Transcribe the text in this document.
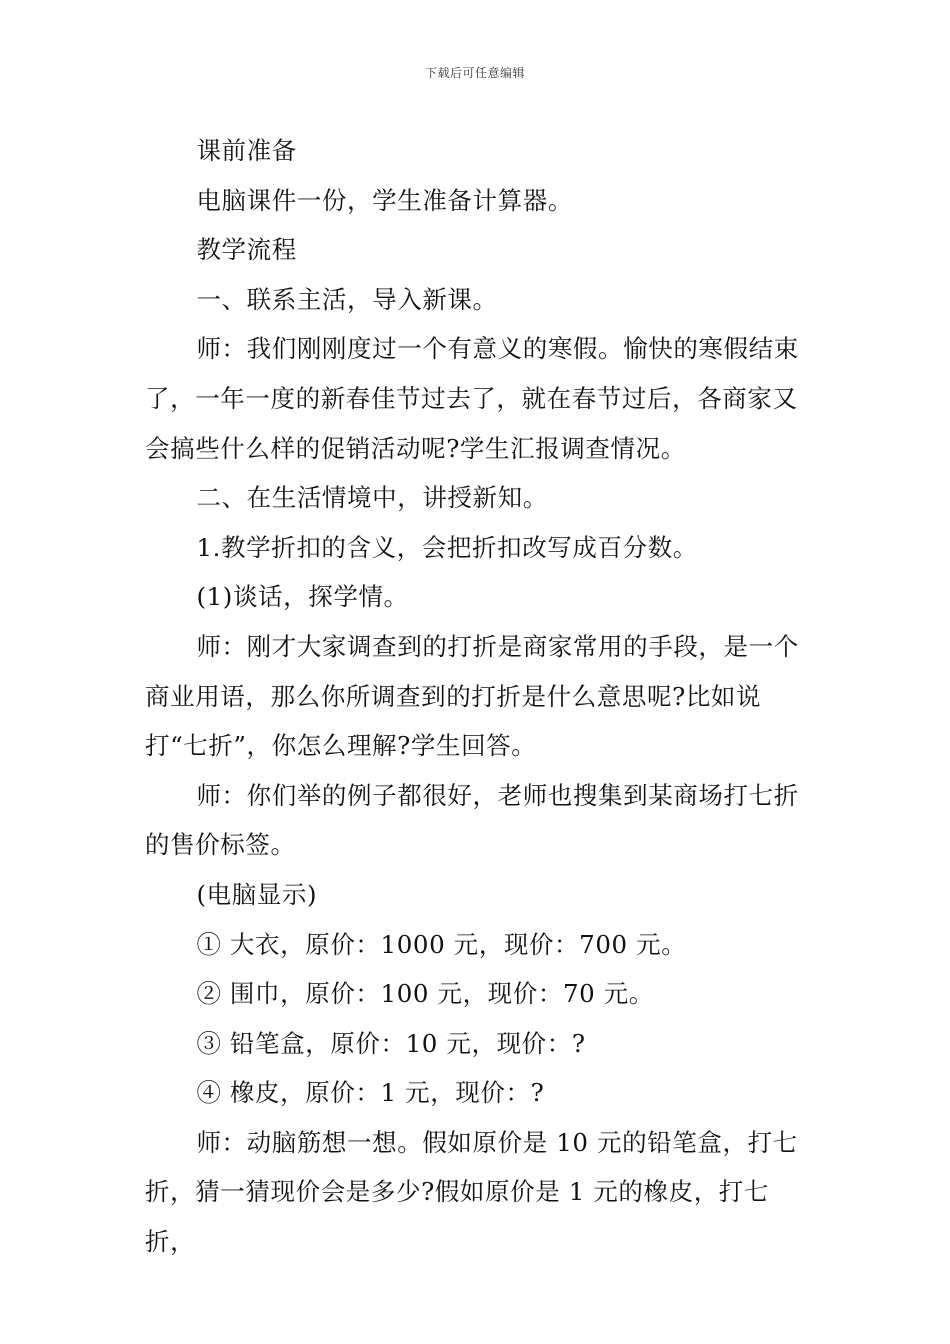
下载后可任意编辑

课前准备

电脑课件一份，学生准备计算器。

教学流程

一、联系主活，导入新课。

师：我们刚刚度过一个有意义的寒假。愉快的寒假结束了，一年一度的新春佳节过去了，就在春节过后，各商家又会搞些什么样的促销活动呢?学生汇报调查情况。

二、在生活情境中，讲授新知。

1.教学折扣的含义，会把折扣改写成百分数。

(1)谈话，探学情。

师：刚才大家调查到的打折是商家常用的手段，是一个商业用语，那么你所调查到的打折是什么意思呢?比如说打“七折”，你怎么理解?学生回答。

师：你们举的例子都很好，老师也搜集到某商场打七折的售价标签。

(电脑显示)

① 大衣，原价：1000 元，现价：700 元。

② 围巾，原价：100 元，现价：70 元。

③ 铅笔盒，原价：10 元，现价：?

④ 橡皮，原价：1 元，现价：?

师：动脑筋想一想。假如原价是 10 元的铅笔盒，打七折，猜一猜现价会是多少?假如原价是 1 元的橡皮，打七折，
